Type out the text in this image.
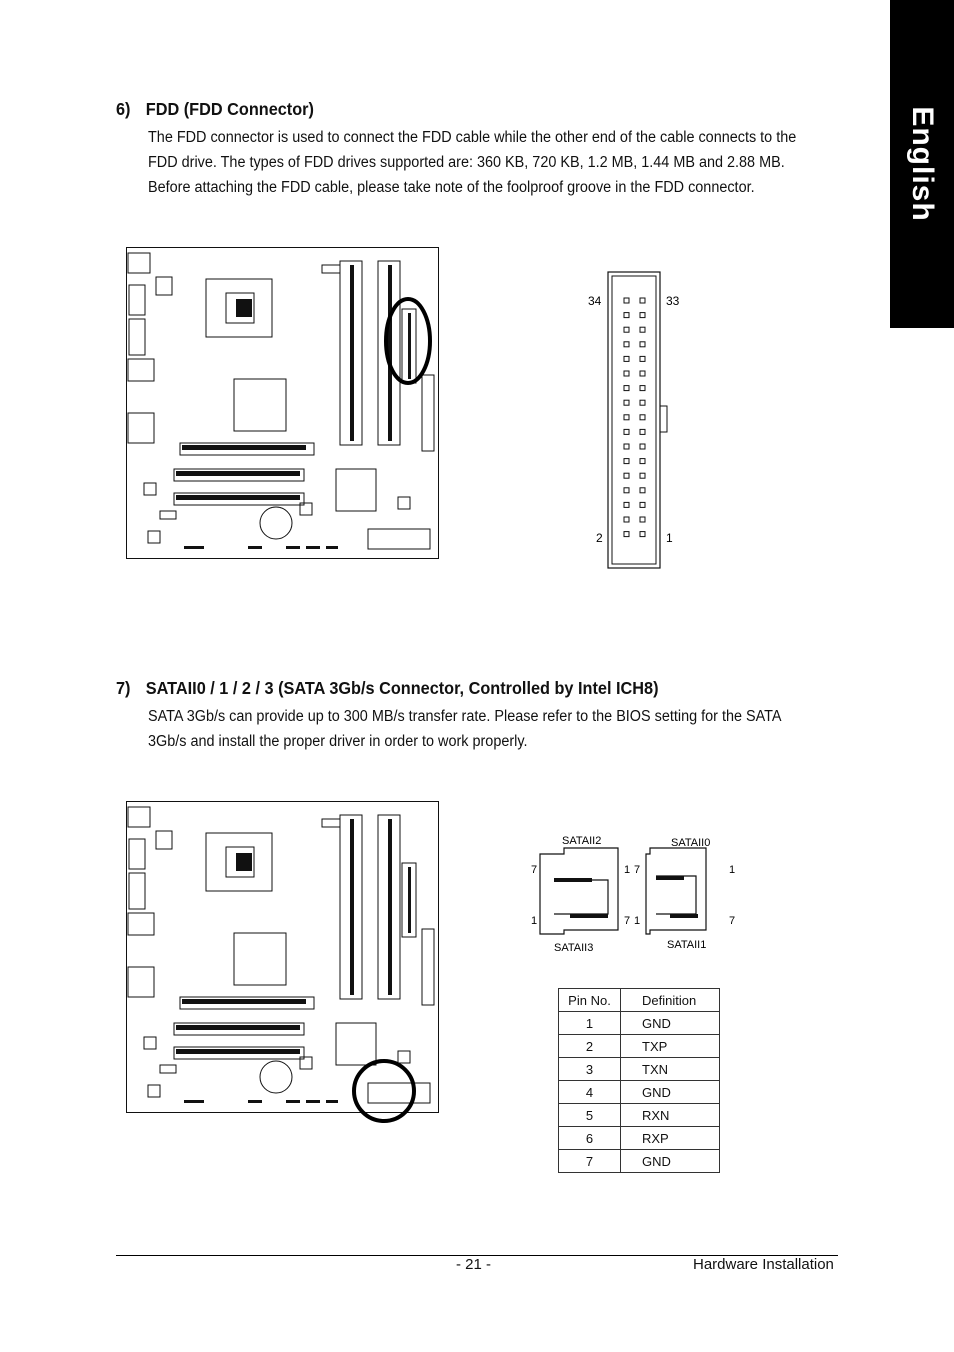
English
6) FDD (FDD Connector)
The FDD connector is used to connect the FDD cable while the other end of the cable connects to the FDD drive. The types of FDD drives supported are: 360 KB, 720 KB, 1.2 MB, 1.44 MB and 2.88 MB. Before attaching the FDD cable, please take note of the foolproof groove in the FDD connector.
34	33
2	1
7) SATAII0 / 1 / 2 / 3 (SATA 3Gb/s Connector, Controlled by Intel ICH8)
SATA 3Gb/s can provide up to 300 MB/s transfer rate. Please refer to the BIOS setting for the SATA 3Gb/s and install the proper driver in order to work properly.
SATAII2	SATAII0
SATAII3	SATAII1
7	1
1	7
7	1
1	7
Pin No.	Definition
1	GND
2	TXP
3	TXN
4	GND
5	RXN
6	RXP
7	GND
- 21 -	Hardware Installation
